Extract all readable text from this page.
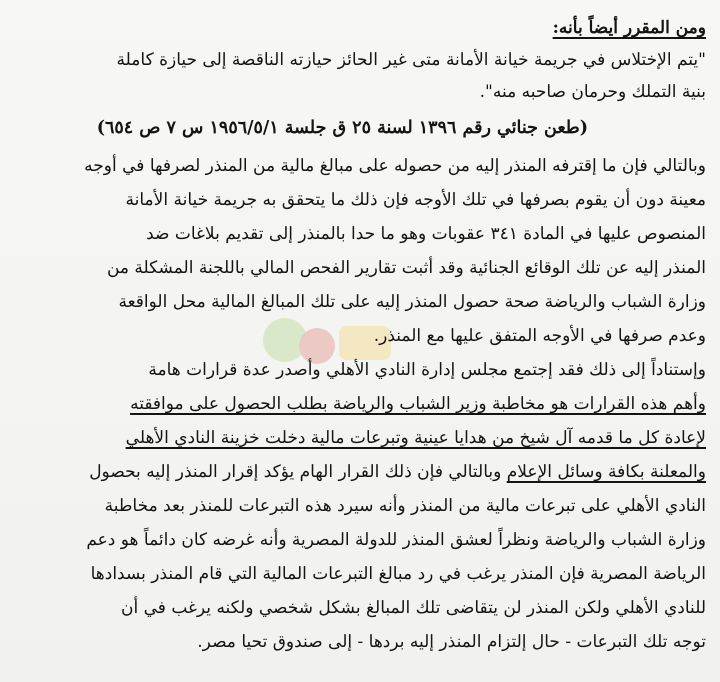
ومن المقرر أيضاً بأنه:
"يتم الإختلاس في جريمة خيانة الأمانة متى غير الحائز حيازته الناقصة إلى حيازة كاملة
بنية التملك وحرمان صاحبه منه".
(طعن جنائي رقم ١٣٩٦ لسنة ٢٥ ق جلسة ١٩٥٦/٥/١ س ٧ ص ٦٥٤)
وبالتالي فإن ما إقترفه المنذر إليه من حصوله على مبالغ مالية من المنذر لصرفها في أوجه
معينة دون أن يقوم بصرفها في تلك الأوجه فإن ذلك ما يتحقق به جريمة خيانة الأمانة
المنصوص عليها في المادة ٣٤١ عقوبات وهو ما حدا بالمنذر إلى تقديم بلاغات ضد
المنذر إليه عن تلك الوقائع الجنائية وقد أثبت تقارير الفحص المالي باللجنة المشكلة من
وزارة الشباب والرياضة صحة حصول المنذر إليه على تلك المبالغ المالية محل الواقعة
وعدم صرفها في الأوجه المتفق عليها مع المنذر.
وإستناداً إلى ذلك فقد إجتمع مجلس إدارة النادي الأهلي وأصدر عدة قرارات هامة
وأهم هذه القرارات هو مخاطبة وزير الشباب والرياضة بطلب الحصول على موافقته
لإعادة كل ما قدمه آل شيخ من هدايا عينية وتبرعات مالية دخلت خزينة النادي الأهلي
والمعلنة بكافة وسائل الإعلام وبالتالي فإن ذلك القرار الهام يؤكد إقرار المنذر إليه بحصول
النادي الأهلي على تبرعات مالية من المنذر وأنه سيرد هذه التبرعات للمنذر بعد مخاطبة
وزارة الشباب والرياضة ونظراً لعشق المنذر للدولة المصرية وأنه غرضه كان دائماً هو دعم
الرياضة المصرية فإن المنذر يرغب في رد مبالغ التبرعات المالية التي قام المنذر بسدادها
للنادي الأهلي ولكن المنذر لن يتقاضى تلك المبالغ بشكل شخصي ولكنه يرغب في أن
توجه تلك التبرعات - حال إلتزام المنذر إليه بردها - إلى صندوق تحيا مصر.
